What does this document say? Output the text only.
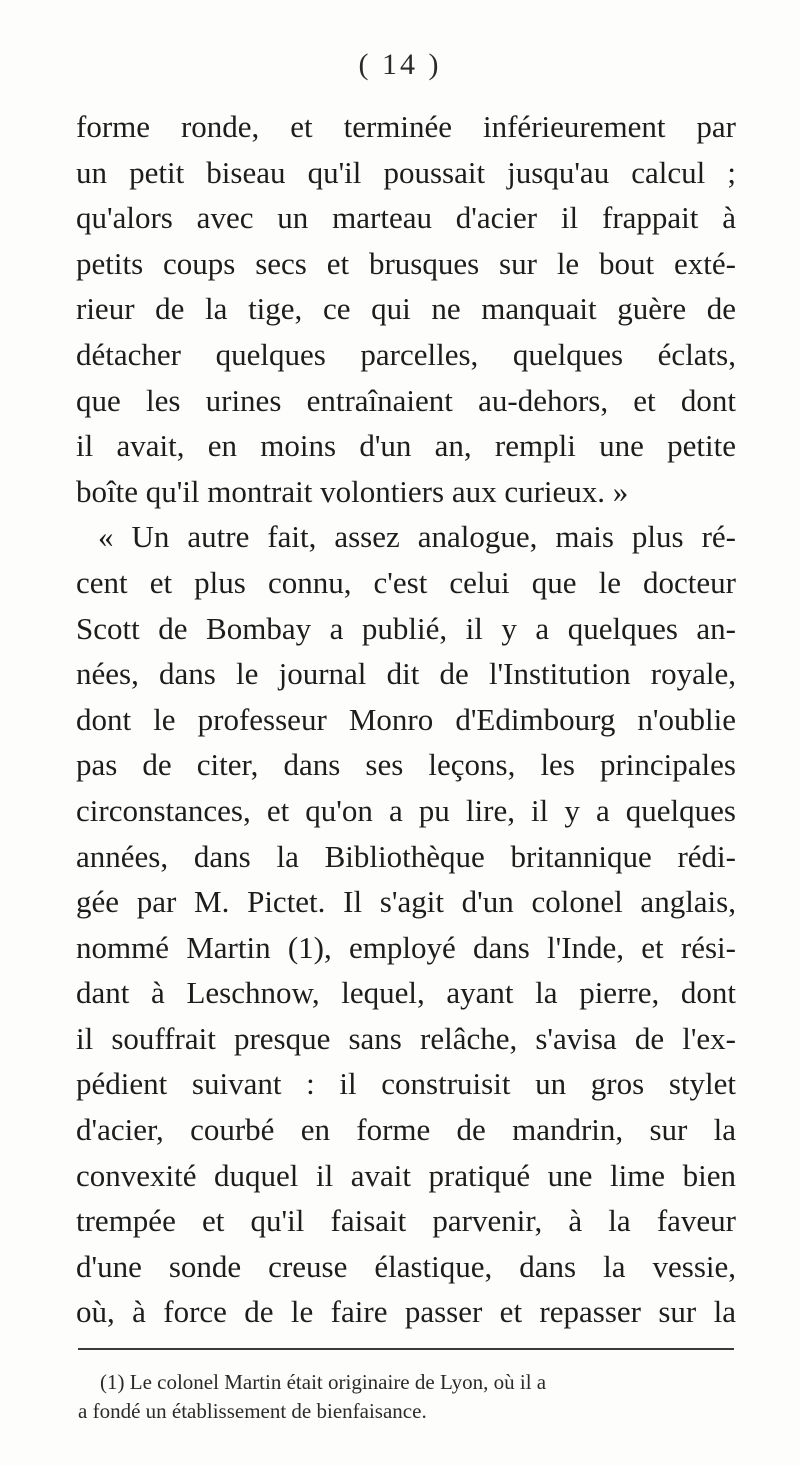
( 14 )
forme ronde, et terminée inférieurement par
un petit biseau qu'il poussait jusqu'au calcul ;
qu'alors avec un marteau d'acier il frappait à
petits coups secs et brusques sur le bout exté-
rieur de la tige, ce qui ne manquait guère de
détacher quelques parcelles, quelques éclats,
que les urines entraînaient au-dehors, et dont
il avait, en moins d'un an, rempli une petite
boîte qu'il montrait volontiers aux curieux. »
« Un autre fait, assez analogue, mais plus ré-
cent et plus connu, c'est celui que le docteur
Scott de Bombay a publié, il y a quelques an-
nées, dans le journal dit de l'Institution royale,
dont le professeur Monro d'Edimbourg n'oublie
pas de citer, dans ses leçons, les principales
circonstances, et qu'on a pu lire, il y a quelques
années, dans la Bibliothèque britannique rédi-
gée par M. Pictet. Il s'agit d'un colonel anglais,
nommé Martin (1), employé dans l'Inde, et rési-
dant à Leschnow, lequel, ayant la pierre, dont
il souffrait presque sans relâche, s'avisa de l'ex-
pédient suivant : il construisit un gros stylet
d'acier, courbé en forme de mandrin, sur la
convexité duquel il avait pratiqué une lime bien
trempée et qu'il faisait parvenir, à la faveur
d'une sonde creuse élastique, dans la vessie,
où, à force de le faire passer et repasser sur la
(1) Le colonel Martin était originaire de Lyon, où il a
a fondé un établissement de bienfaisance.
